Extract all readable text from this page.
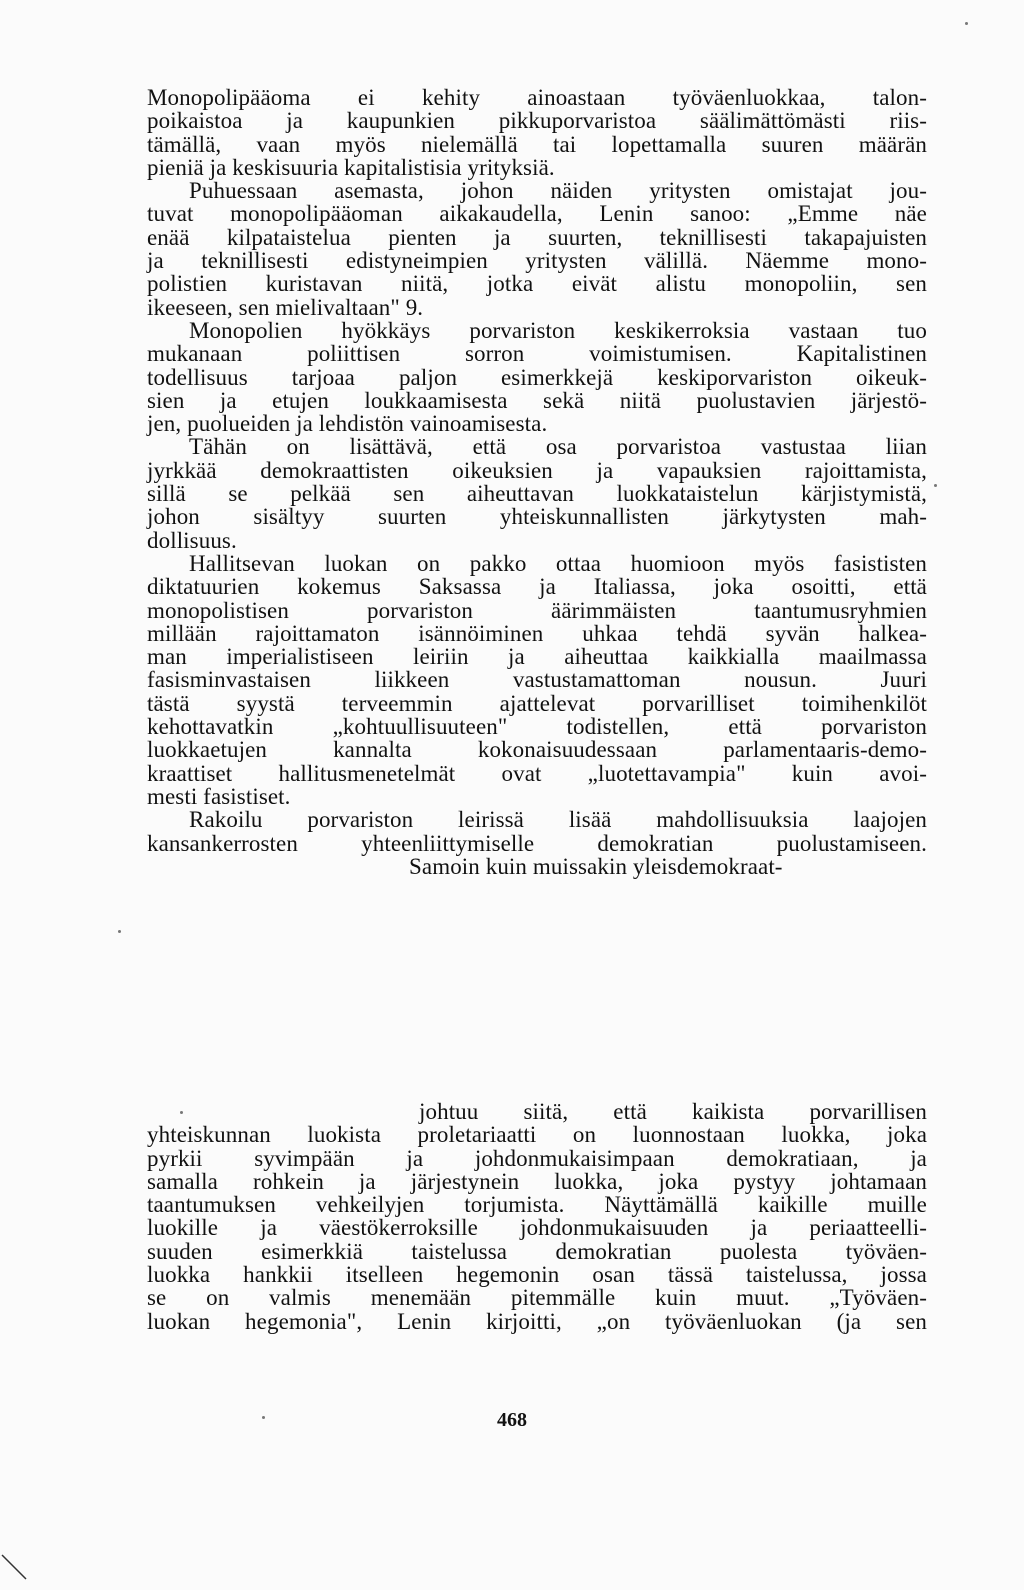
Monopolipääoma ei kehity ainoastaan työväenluokkaa, talon-
poikaistoa ja kaupunkien pikkuporvaristoa säälimättömästi riis-
tämällä, vaan myös nielemällä tai lopettamalla suuren määrän
pieniä ja keskisuuria kapitalistisia yrityksiä.
Puhuessaan asemasta, johon näiden yritysten omistajat jou-
tuvat monopolipääoman aikakaudella, Lenin sanoo: „Emme näe
enää kilpataistelua pienten ja suurten, teknillisesti takapajuisten
ja teknillisesti edistyneimpien yritysten välillä. Näemme mono-
polistien kuristavan niitä, jotka eivät alistu monopoliin, sen
ikeeseen, sen mielivaltaan" 9.
Monopolien hyökkäys porvariston keskikerroksia vastaan tuo
mukanaan poliittisen sorron voimistumisen. Kapitalistinen
todellisuus tarjoaa paljon esimerkkejä keskiporvariston oikeuk-
sien ja etujen loukkaamisesta sekä niitä puolustavien järjestö-
jen, puolueiden ja lehdistön vainoamisesta.
Tähän on lisättävä, että osa porvaristoa vastustaa liian
jyrkkää demokraattisten oikeuksien ja vapauksien rajoittamista,
sillä se pelkää sen aiheuttavan luokkataistelun kärjistymistä,
johon sisältyy suurten yhteiskunnallisten järkytysten mah-
dollisuus.
Hallitsevan luokan on pakko ottaa huomioon myös fasististen
diktatuurien kokemus Saksassa ja Italiassa, joka osoitti, että
monopolistisen porvariston äärimmäisten taantumusryhmien
millään rajoittamaton isännöiminen uhkaa tehdä syvän halkea-
man imperialistiseen leiriin ja aiheuttaa kaikkialla maailmassa
fasisminvastaisen liikkeen vastustamattoman nousun. Juuri
tästä syystä terveemmin ajattelevat porvarilliset toimihenkilöt
kehottavatkin „kohtuullisuuteen" todistellen, että porvariston
luokkaetujen kannalta kokonaisuudessaan parlamentaaris-demo-
kraattiset hallitusmenetelmät ovat „luotettavampia" kuin avoi-
mesti fasistiset.
Rakoilu porvariston leirissä lisää mahdollisuuksia laajojen
kansankerrosten yhteenliittymiselle demokratian puolustamiseen.
Samoin kuin muissakin yleisdemokraat-
johtuu siitä, että kaikista porvarillisen
yhteiskunnan luokista proletariaatti on luonnostaan luokka, joka
pyrkii syvimpään ja johdonmukaisimpaan demokratiaan, ja
samalla rohkein ja järjestynein luokka, joka pystyy johtamaan
taantumuksen vehkeilyjen torjumista. Näyttämällä kaikille muille
luokille ja väestökerroksille johdonmukaisuuden ja periaatteelli-
suuden esimerkkiä taistelussa demokratian puolesta työväen-
luokka hankkii itselleen hegemonin osan tässä taistelussa, jossa
se on valmis menemään pitemmälle kuin muut. „Työväen-
luokan hegemonia", Lenin kirjoitti, „on työväenluokan (ja sen
468
